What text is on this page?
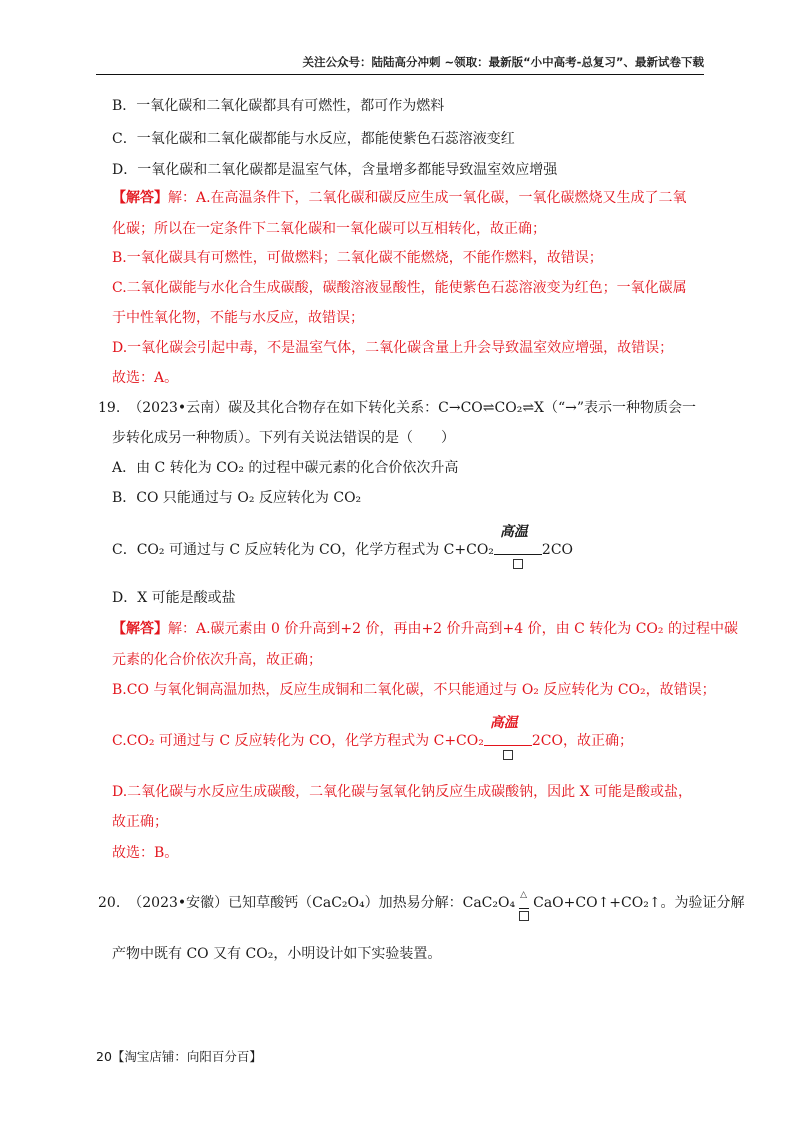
关注公众号：陆陆高分冲刺 ~领取：最新版“小中高考-总复习”、最新试卷下载
B．一氧化碳和二氧化碳都具有可燃性，都可作为燃料
C．一氧化碳和二氧化碳都能与水反应，都能使紫色石蕊溶液变红
D．一氧化碳和二氧化碳都是温室气体，含量增多都能导致温室效应增强
【解答】解：A.在高温条件下，二氧化碳和碳反应生成一氧化碳，一氧化碳燃烧又生成了二氧
化碳；所以在一定条件下二氧化碳和一氧化碳可以互相转化，故正确；
B.一氧化碳具有可燃性，可做燃料；二氧化碳不能燃烧，不能作燃料，故错误；
C.二氧化碳能与水化合生成碳酸，碳酸溶液显酸性，能使紫色石蕊溶液变为红色；一氧化碳属
于中性氧化物，不能与水反应，故错误；
D.一氧化碳会引起中毒，不是温室气体，二氧化碳含量上升会导致温室效应增强，故错误；
故选：A。
19. （2023•云南）碳及其化合物存在如下转化关系：C→CO⇌CO₂⇌X（“→”表示一种物质会一
步转化成另一种物质）。下列有关说法错误的是（　　）
A．由 C 转化为 CO₂ 的过程中碳元素的化合价依次升高
B．CO 只能通过与 O₂ 反应转化为 CO₂
C．CO₂ 可通过与 C 反应转化为 CO，化学方程式为 C+CO₂
高温
2CO
D．X 可能是酸或盐
【解答】解：A.碳元素由 0 价升高到+2 价，再由+2 价升高到+4 价，由 C 转化为 CO₂ 的过程中碳
元素的化合价依次升高，故正确；
B.CO 与氧化铜高温加热，反应生成铜和二氧化碳，不只能通过与 O₂ 反应转化为 CO₂，故错误；
C.CO₂ 可通过与 C 反应转化为 CO，化学方程式为 C+CO₂
高温
2CO，故正确；
D.二氧化碳与水反应生成碳酸，二氧化碳与氢氧化钠反应生成碳酸钠，因此 X 可能是酸或盐，
故正确；
故选：B。
20. （2023•安徽）已知草酸钙（CaC₂O₄）加热易分解：CaC₂O₄ △ CaO+CO↑+CO₂↑。为验证分解
产物中既有 CO 又有 CO₂，小明设计如下实验装置。
20【淘宝店铺：向阳百分百】
